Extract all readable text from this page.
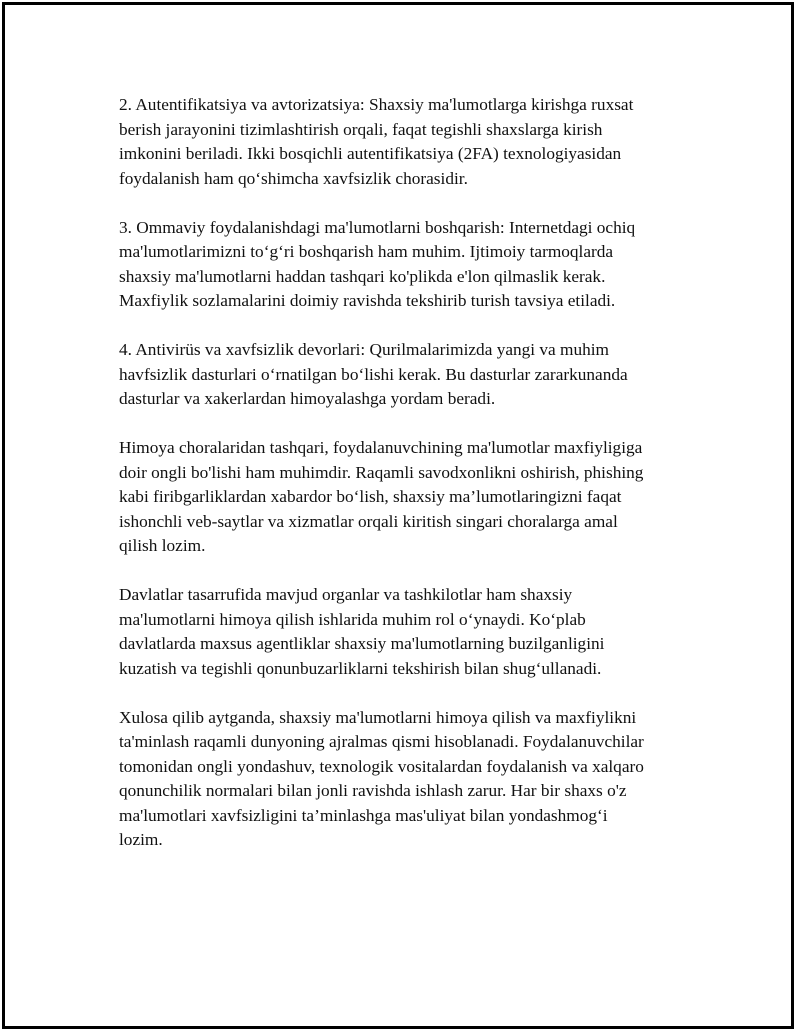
2. Autentifikatsiya va avtorizatsiya: Shaxsiy ma'lumotlarga kirishga ruxsat
berish jarayonini tizimlashtirish orqali, faqat tegishli shaxslarga kirish
imkonini beriladi. Ikki bosqichli autentifikatsiya (2FA) texnologiyasidan
foydalanish ham qo‘shimcha xavfsizlik chorasidir.

3. Ommaviy foydalanishdagi ma'lumotlarni boshqarish: Internetdagi ochiq
ma'lumotlarimizni to‘g‘ri boshqarish ham muhim. Ijtimoiy tarmoqlarda
shaxsiy ma'lumotlarni haddan tashqari ko'plikda e'lon qilmaslik kerak.
Maxfiylik sozlamalarini doimiy ravishda tekshirib turish tavsiya etiladi.

4. Antivirüs va xavfsizlik devorlari: Qurilmalarimizda yangi va muhim
havfsizlik dasturlari o‘rnatilgan bo‘lishi kerak. Bu dasturlar zararkunanda
dasturlar va xakerlardan himoyalashga yordam beradi.

Himoya choralaridan tashqari, foydalanuvchining ma'lumotlar maxfiyligiga
doir ongli bo'lishi ham muhimdir. Raqamli savodxonlikni oshirish, phishing
kabi firibgarliklardan xabardor bo‘lish, shaxsiy ma’lumotlaringizni faqat
ishonchli veb-saytlar va xizmatlar orqali kiritish singari choralarga amal
qilish lozim.

Davlatlar tasarrufida mavjud organlar va tashkilotlar ham shaxsiy
ma'lumotlarni himoya qilish ishlarida muhim rol o‘ynaydi. Ko‘plab
davlatlarda maxsus agentliklar shaxsiy ma'lumotlarning buzilganligini
kuzatish va tegishli qonunbuzarliklarni tekshirish bilan shug‘ullanadi.

Xulosa qilib aytganda, shaxsiy ma'lumotlarni himoya qilish va maxfiylikni
ta'minlash raqamli dunyoning ajralmas qismi hisoblanadi. Foydalanuvchilar
tomonidan ongli yondashuv, texnologik vositalardan foydalanish va xalqaro
qonunchilik normalari bilan jonli ravishda ishlash zarur. Har bir shaxs o'z
ma'lumotlari xavfsizligini ta’minlashga mas'uliyat bilan yondashmog‘i
lozim.
